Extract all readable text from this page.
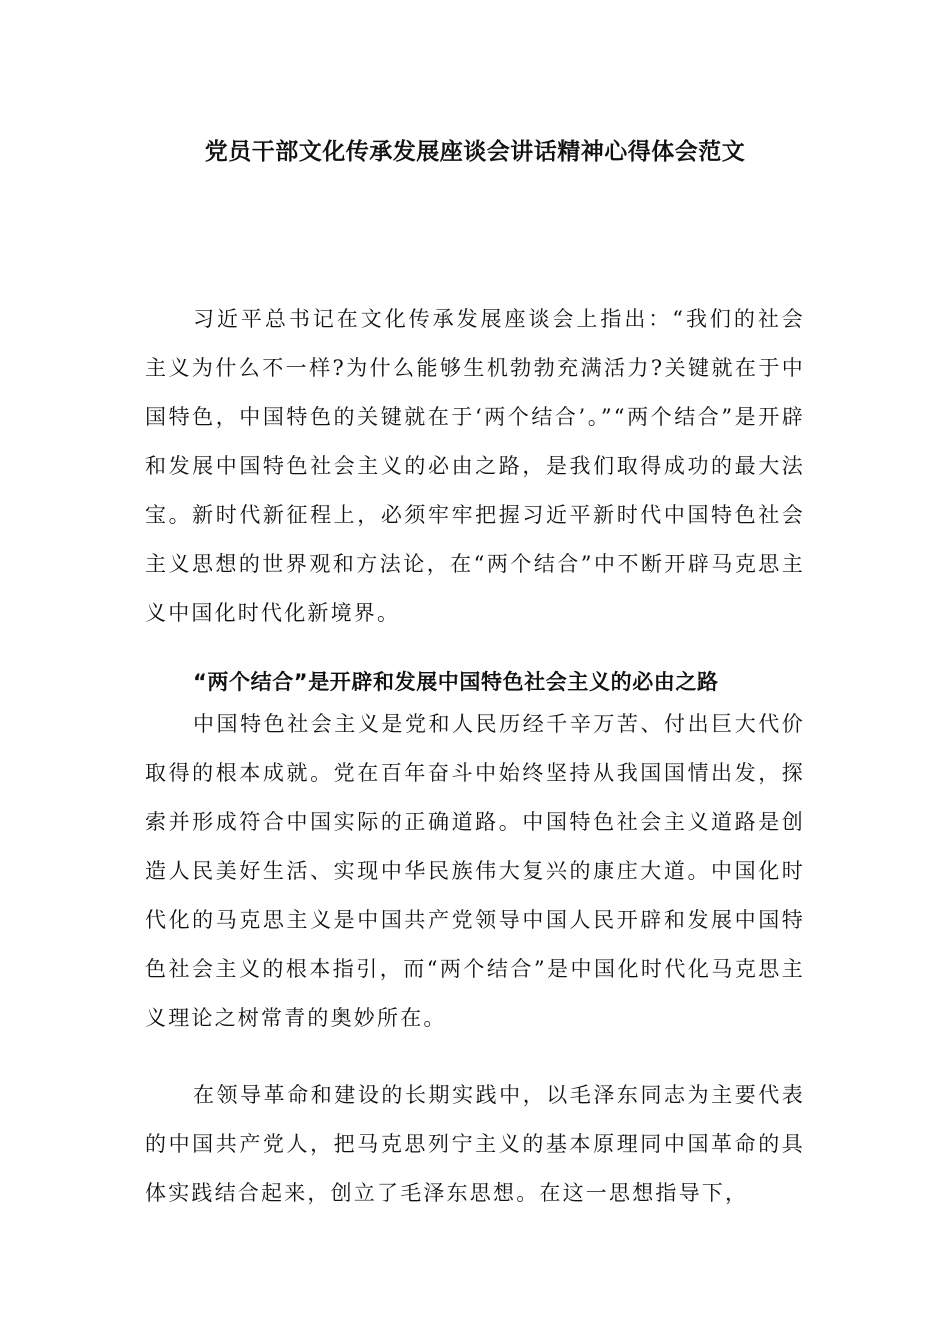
党员干部文化传承发展座谈会讲话精神心得体会范文

习近平总书记在文化传承发展座谈会上指出：“我们的社会主义为什么不一样?为什么能够生机勃勃充满活力?关键就在于中国特色，中国特色的关键就在于‘两个结合’。”“两个结合”是开辟和发展中国特色社会主义的必由之路，是我们取得成功的最大法宝。新时代新征程上，必须牢牢把握习近平新时代中国特色社会主义思想的世界观和方法论，在“两个结合”中不断开辟马克思主义中国化时代化新境界。

“两个结合”是开辟和发展中国特色社会主义的必由之路

中国特色社会主义是党和人民历经千辛万苦、付出巨大代价取得的根本成就。党在百年奋斗中始终坚持从我国国情出发，探索并形成符合中国实际的正确道路。中国特色社会主义道路是创造人民美好生活、实现中华民族伟大复兴的康庄大道。中国化时代化的马克思主义是中国共产党领导中国人民开辟和发展中国特色社会主义的根本指引，而“两个结合”是中国化时代化马克思主义理论之树常青的奥妙所在。

在领导革命和建设的长期实践中，以毛泽东同志为主要代表的中国共产党人，把马克思列宁主义的基本原理同中国革命的具体实践结合起来，创立了毛泽东思想。在这一思想指导下，
